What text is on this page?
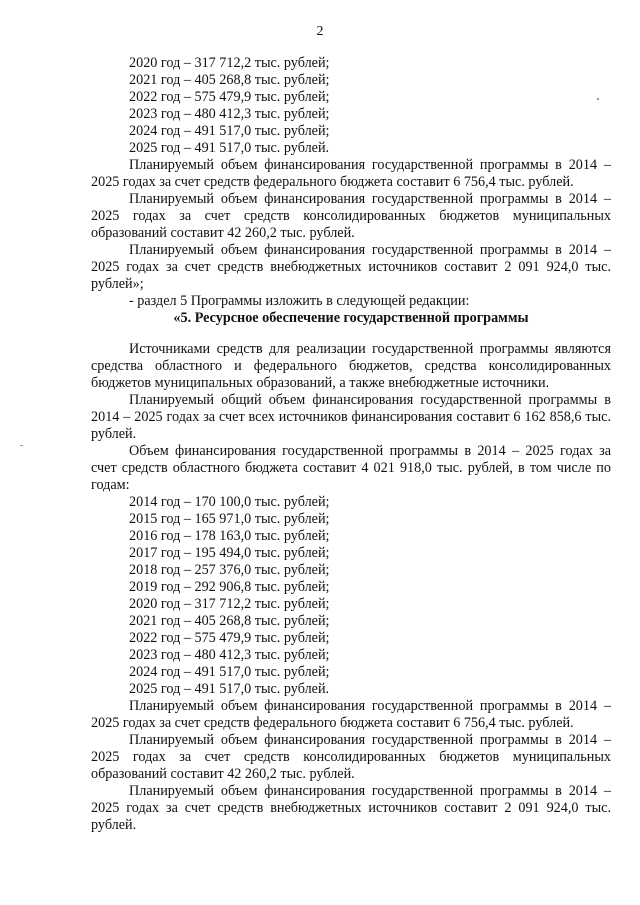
2
2020 год – 317 712,2 тыс. рублей;
2021 год – 405 268,8 тыс. рублей;
2022 год – 575 479,9 тыс. рублей;
2023 год – 480 412,3 тыс. рублей;
2024 год – 491 517,0 тыс. рублей;
2025 год – 491 517,0 тыс. рублей.
Планируемый объем финансирования государственной программы в 2014 – 2025 годах за счет средств федерального бюджета составит 6 756,4 тыс. рублей.
Планируемый объем финансирования государственной программы в 2014 – 2025 годах за счет средств консолидированных бюджетов муниципальных образований составит 42 260,2 тыс. рублей.
Планируемый объем финансирования государственной программы в 2014 – 2025 годах за счет средств внебюджетных источников составит 2 091 924,0 тыс. рублей»;
- раздел 5 Программы изложить в следующей редакции:
«5. Ресурсное обеспечение государственной программы
Источниками средств для реализации государственной программы являются средства областного и федерального бюджетов, средства консолидированных бюджетов муниципальных образований, а также внебюджетные источники.
Планируемый общий объем финансирования государственной программы в 2014 – 2025 годах за счет всех источников финансирования составит 6 162 858,6 тыс. рублей.
Объем финансирования государственной программы в 2014 – 2025 годах за счет средств областного бюджета составит 4 021 918,0 тыс. рублей, в том числе по годам:
2014 год – 170 100,0 тыс. рублей;
2015 год – 165 971,0 тыс. рублей;
2016 год – 178 163,0 тыс. рублей;
2017 год – 195 494,0 тыс. рублей;
2018 год – 257 376,0 тыс. рублей;
2019 год – 292 906,8 тыс. рублей;
2020 год – 317 712,2 тыс. рублей;
2021 год – 405 268,8 тыс. рублей;
2022 год – 575 479,9 тыс. рублей;
2023 год – 480 412,3 тыс. рублей;
2024 год – 491 517,0 тыс. рублей;
2025 год – 491 517,0 тыс. рублей.
Планируемый объем финансирования государственной программы в 2014 – 2025 годах за счет средств федерального бюджета составит 6 756,4 тыс. рублей.
Планируемый объем финансирования государственной программы в 2014 – 2025 годах за счет средств консолидированных бюджетов муниципальных образований составит 42 260,2 тыс. рублей.
Планируемый объем финансирования государственной программы в 2014 – 2025 годах за счет средств внебюджетных источников составит 2 091 924,0 тыс. рублей.
